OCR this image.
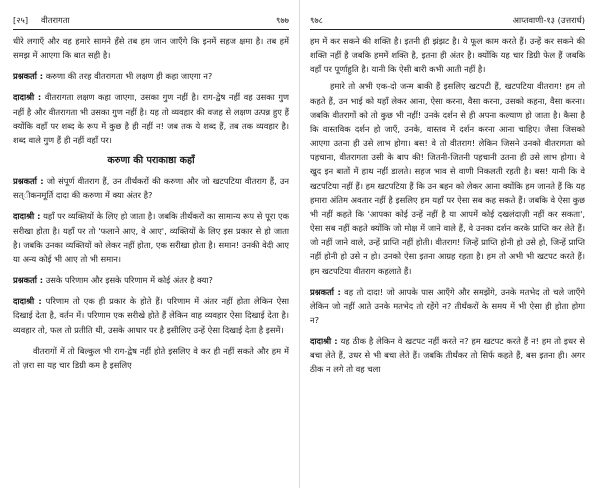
[२५] वीतरागता	९७७

धीरे लगाएँ और वह हमारे सामने हँसे तब हम जान जाएँगे कि इनमें सहज क्षमा है। तब हमें समझ में आएगा कि बात सही है।

प्रश्नकर्ता : करुणा की तरह वीतरागता भी लक्षण ही कहा जाएगा न?

दादाश्री : वीतरागता लक्षण कहा जाएगा, उसका गुण नहीं है। राग-द्वेष नहीं वह उसका गुण नहीं है और वीतरागता भी उसका गुण नहीं है। यह तो व्यवहार की वजह से लक्षण उत्पन्न हुए हैं क्योंकि वहाँ पर शब्द के रूप में कुछ है ही नहीं न! जब तक ये शब्द हैं, तब तक व्यवहार है। शब्द वाले गुण हैं ही नहीं वहाँ पर।

करुणा की पराकाष्ठा कहाँ

प्रश्नकर्ता : जो संपूर्ण वीतराग हैं, उन तीर्थंकरों की करुणा और जो खटपटिया वीतराग हैं, उन सत्‌ीकनमूर्ति दादा की करुणा में क्या अंतर है?

दादाश्री : यहाँ पर व्यक्तियों के लिए हो जाता है। जबकि तीर्थंकरों का सामान्य रूप से पूरा एक सरीखा होता है। यहाँ पर तो 'फलाने आए, वे आए', व्यक्तियों के लिए इस प्रकार से हो जाता है। जबकि उनका व्यक्तियों को लेकर नहीं होता, एक सरीखा होता है। समान! उनकी वेदी आए या अन्य कोई भी आए तो भी समान।

प्रश्नकर्ता : उसके परिणाम और इसके परिणाम में कोई अंतर है क्या?

दादाश्री : परिणाम तो एक ही प्रकार के होते हैं। परिणाम में अंतर नहीं होता लेकिन ऐसा दिखाई देता है, वर्तन में। परिणाम एक सरीखे होते हैं लेकिन वाह व्यवहार ऐसा दिखाई देता है। व्यवहार तो, फल तो प्रतीति थी, उसके आधार पर है इसीलिए उन्हें ऐसा दिखाई देता है इसमें।

वीतरागों में तो बिल्कुल भी राग-द्वेष नहीं होते इसलिए वे कर ही नहीं सकते और हम में तो ज़रा सा यह चार डिग्री कम है इसलिए

९७८	आप्तवाणी-१३ (उत्तरार्ध)

हम में कर सकने की शक्ति है। इतनी ही झंझट है। ये फूल काम करते हैं। उन्हें कर सकने की शक्ति नहीं है जबकि हममें शक्ति है, इतना ही अंतर है। क्योंकि यह चार डिग्री फेल हैं जबकि वहाँ पर पूर्णाहुति है। यानी कि ऐसी बारी कभी आती नहीं है।

हमारे तो अभी एक-दो जन्म बाकी हैं इसलिए खटपटी हैं, खटपटिया वीतराग! हम तो कहते हैं, उन भाई को यहाँ लेकर आना, ऐसा करना, वैसा करना, उसको कहना, वैसा करना। जबकि वीतरागों को तो कुछ भी नहीं! उनके दर्शन से ही अपना कल्याण हो जाता है। कैसा है कि वास्तविक दर्शन हो जाएँ, उनके, वास्तव में दर्शन करना आना चाहिए। जैसा जिसको आएगा उतना ही उसे लाभ होगा। बस! वे तो वीतराग! लेकिन जिसने उनको वीतरागता को पहचाना, वीतरागता उसी के बाप की! जितनी-जितनी पहचानी उतना ही उसे लाभ होगा। वे खुद इन बातों में हाथ नहीं डालते। सहज भाव से वाणी निकलती रहती है। बस! यानी कि वे खटपटिया नहीं हैं। हम खटपटिया हैं कि उन बहन को लेकर आना क्योंकि हम जानते हैं कि यह हमारा अंतिम अवतार नहीं है इसलिए हम यहाँ पर ऐसा सब कह सकते हैं। जबकि वे ऐसा कुछ भी नहीं कहते कि 'आपका कोई उन्हें नहीं है या आपमें कोई दखलंदाज़ी नहीं कर सकता', ऐसा सब नहीं कहते क्योंकि जो मोक्ष में जाने वाले हैं, वे उनका दर्शन करके प्राप्ति कर लेते हैं। जो नहीं जाने वाले, उन्हें प्राप्ति नहीं होती। वीतराग! जिन्हें प्राप्ति होनी हो उसे हो, जिन्हें प्राप्ति नहीं होनी हो उसे न हो। उनको ऐसा इतना आग्रह रहता है। हम तो अभी भी खटपट करते हैं। हम खटपटिया वीतराग कहलाते हैं।

प्रश्नकर्ता : वह तो दादा! जो आपके पास आएँगे और समझेंगे, उनके मतभेद तो चले जाएँगे लेकिन जो नहीं आते उनके मतभेद तो रहेंगे न? तीर्थंकरों के समय में भी ऐसा ही होता होगा न?

दादाश्री : यह ठीक है लेकिन वे खटपट नहीं करते न? हम खटपट करते हैं न! हम तो इधर से बचा लेते हैं, उधर से भी बचा लेते हैं। जबकि तीर्थंकर तो सिर्फ कहते हैं, बस इतना ही। अगर ठीक न लगे तो वह चला
